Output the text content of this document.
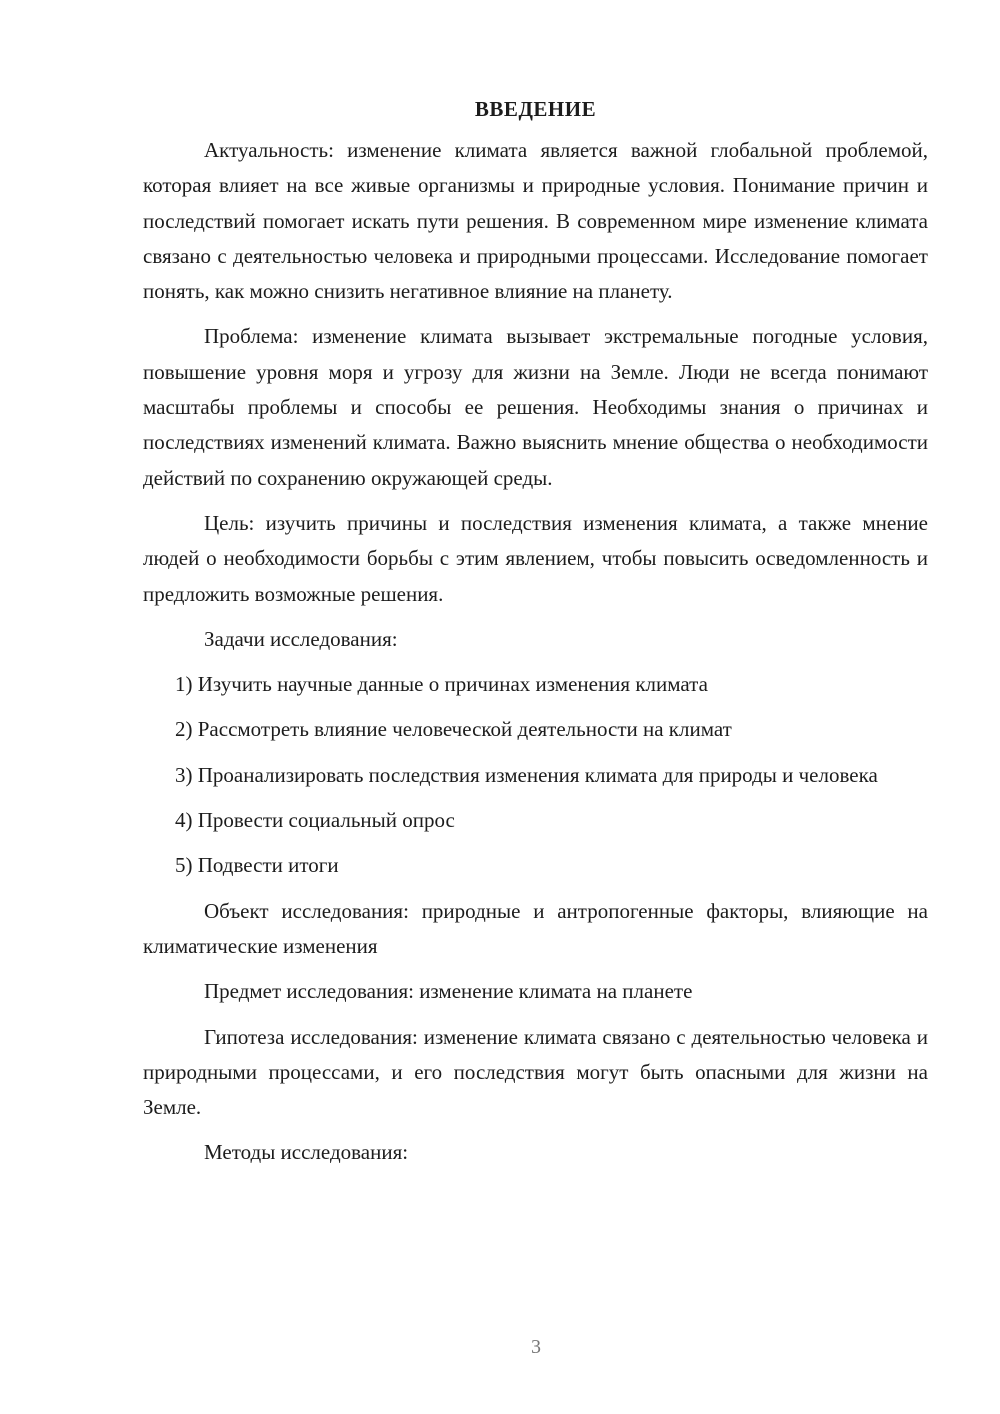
ВВЕДЕНИЕ

Актуальность: изменение климата является важной глобальной проблемой, которая влияет на все живые организмы и природные условия. Понимание причин и последствий помогает искать пути решения. В современном мире изменение климата связано с деятельностью человека и природными процессами. Исследование помогает понять, как можно снизить негативное влияние на планету.

Проблема: изменение климата вызывает экстремальные погодные условия, повышение уровня моря и угрозу для жизни на Земле. Люди не всегда понимают масштабы проблемы и способы ее решения. Необходимы знания о причинах и последствиях изменений климата. Важно выяснить мнение общества о необходимости действий по сохранению окружающей среды.

Цель: изучить причины и последствия изменения климата, а также мнение людей о необходимости борьбы с этим явлением, чтобы повысить осведомленность и предложить возможные решения.

Задачи исследования:

1) Изучить научные данные о причинах изменения климата

2) Рассмотреть влияние человеческой деятельности на климат

3) Проанализировать последствия изменения климата для природы и человека

4) Провести социальный опрос

5) Подвести итоги

Объект исследования: природные и антропогенные факторы, влияющие на климатические изменения

Предмет исследования: изменение климата на планете

Гипотеза исследования: изменение климата связано с деятельностью человека и природными процессами, и его последствия могут быть опасными для жизни на Земле.

Методы исследования:

3
